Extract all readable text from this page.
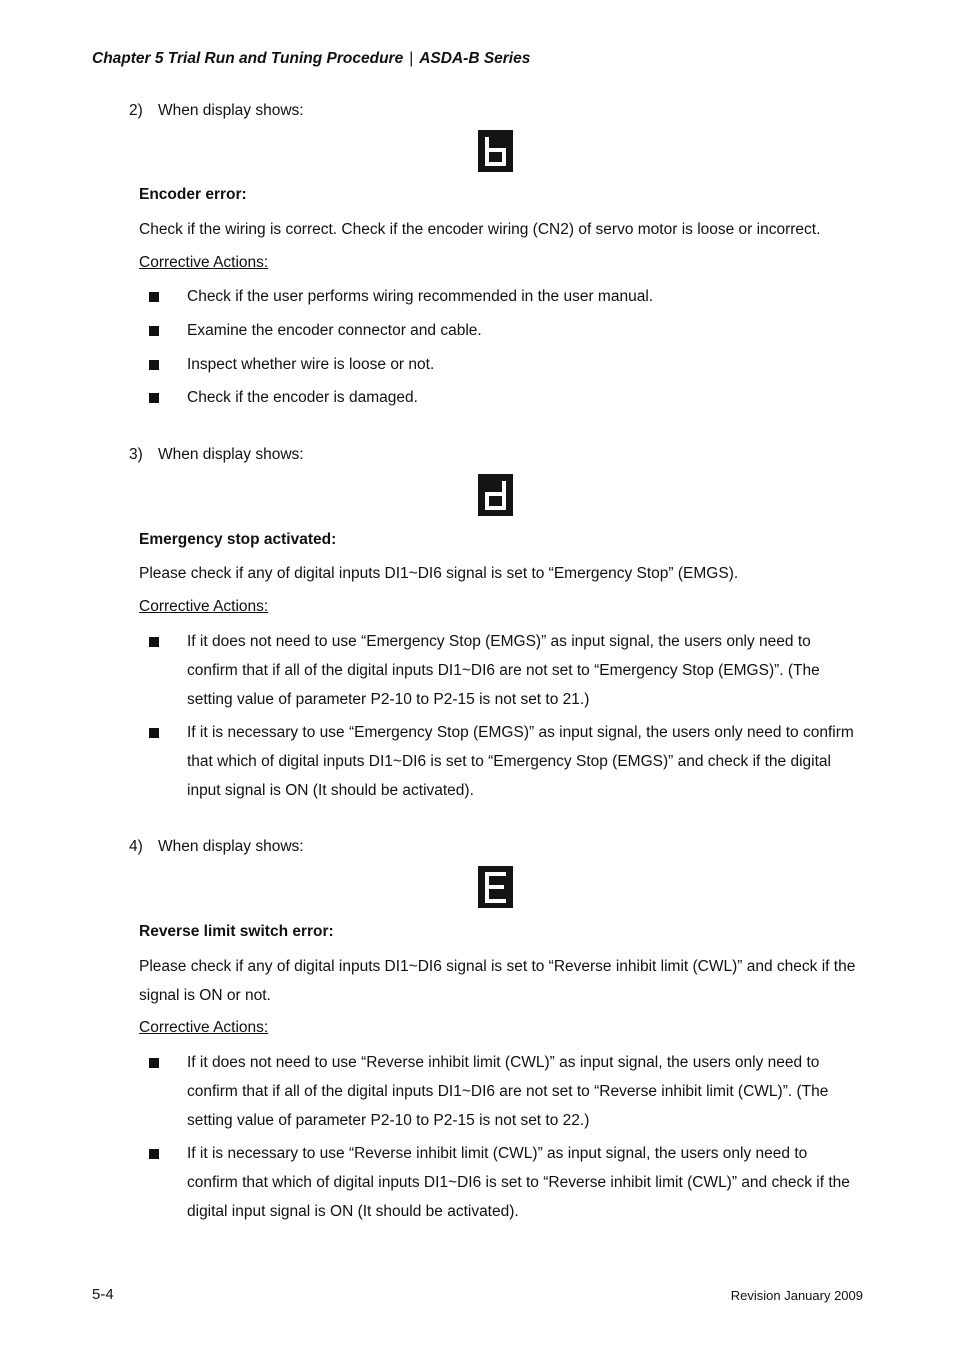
Chapter 5 Trial Run and Tuning Procedure | ASDA-B Series
2) When display shows:
Encoder error:
Check if the wiring is correct. Check if the encoder wiring (CN2) of servo motor is loose or incorrect.
Corrective Actions:
Check if the user performs wiring recommended in the user manual.
Examine the encoder connector and cable.
Inspect whether wire is loose or not.
Check if the encoder is damaged.
3) When display shows:
Emergency stop activated:
Please check if any of digital inputs DI1~DI6 signal is set to “Emergency Stop” (EMGS).
Corrective Actions:
If it does not need to use “Emergency Stop (EMGS)” as input signal, the users only need to confirm that if all of the digital inputs DI1~DI6 are not set to “Emergency Stop (EMGS)”. (The setting value of parameter P2-10 to P2-15 is not set to 21.)
If it is necessary to use “Emergency Stop (EMGS)” as input signal, the users only need to confirm that which of digital inputs DI1~DI6 is set to “Emergency Stop (EMGS)” and check if the digital input signal is ON (It should be activated).
4) When display shows:
Reverse limit switch error:
Please check if any of digital inputs DI1~DI6 signal is set to “Reverse inhibit limit (CWL)” and check if the signal is ON or not.
Corrective Actions:
If it does not need to use “Reverse inhibit limit (CWL)” as input signal, the users only need to confirm that if all of the digital inputs DI1~DI6 are not set to “Reverse inhibit limit (CWL)”. (The setting value of parameter P2-10 to P2-15 is not set to 22.)
If it is necessary to use “Reverse inhibit limit (CWL)” as input signal, the users only need to confirm that which of digital inputs DI1~DI6 is set to “Reverse inhibit limit (CWL)” and check if the digital input signal is ON (It should be activated).
5-4	Revision January 2009
